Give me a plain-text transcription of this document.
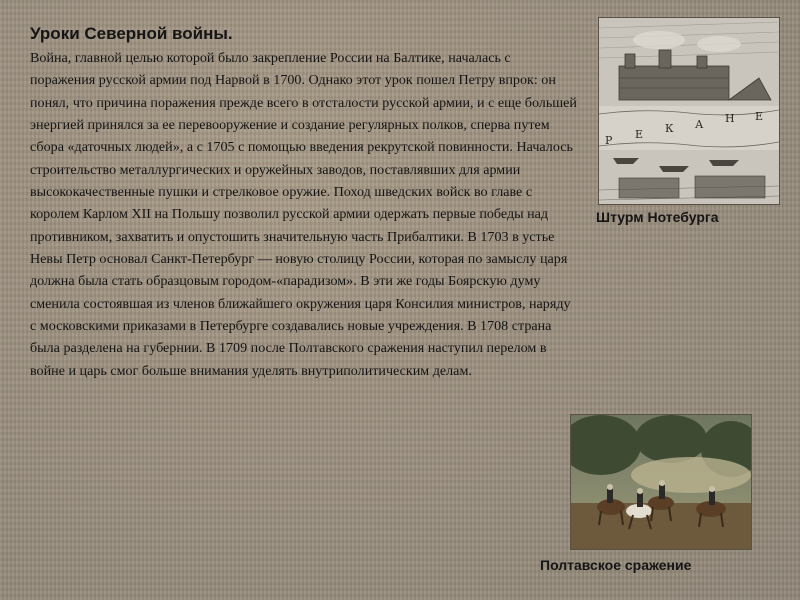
Уроки Северной войны.

Война, главной целью которой было закрепление России на Балтике, началась с поражения русской армии под Нарвой в 1700. Однако этот урок пошел Петру впрок: он понял, что причина поражения прежде всего в отсталости русской армии, и с еще большей энергией принялся за ее перевооружение и создание регулярных полков, сперва путем сбора «даточных людей», а с 1705 с помощью введения рекрутской повинности. Началось строительство металлургических и оружейных заводов, поставлявших для армии высококачественные пушки и стрелковое оружие. Поход шведских войск во главе с королем Карлом XII на Польшу позволил русской армии одержать первые победы над противником, захватить и опустошить значительную часть Прибалтики. В 1703 в устье Невы Петр основал Санкт-Петербург — новую столицу России, которая по замыслу царя должна была стать образцовым городом-«парадизом». В эти же годы Боярскую думу сменила состоявшая из членов ближайшего окружения царя Консилия министров, наряду с московскими приказами в Петербурге создавались новые учреждения. В 1708 страна была разделена на губернии. В 1709 после Полтавского сражения наступил перелом в войне и царь смог больше внимания уделять внутриполитическим делам.

Р Е К А Н Е
Штурм Нотебурга
Полтавское сражение
